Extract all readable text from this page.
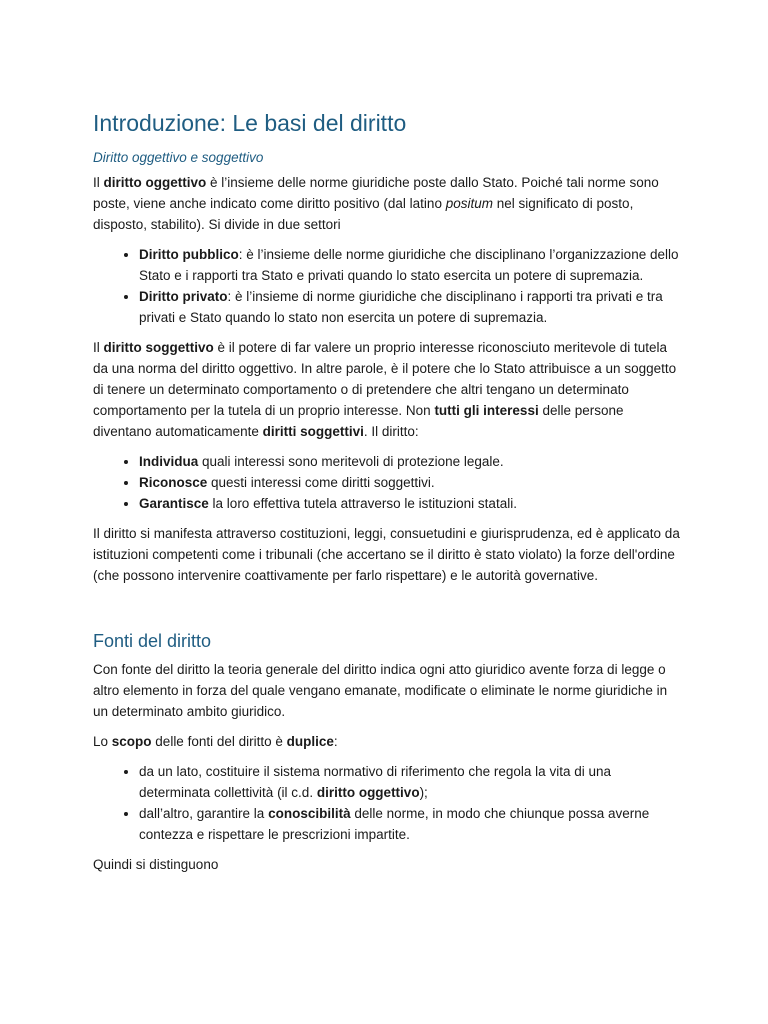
Introduzione: Le basi del diritto
Diritto oggettivo e soggettivo

Il diritto oggettivo è l’insieme delle norme giuridiche poste dallo Stato. Poiché tali norme sono poste, viene anche indicato come diritto positivo (dal latino positum nel significato di posto, disposto, stabilito). Si divide in due settori

• Diritto pubblico: è l’insieme delle norme giuridiche che disciplinano l’organizzazione dello Stato e i rapporti tra Stato e privati quando lo stato esercita un potere di supremazia.
• Diritto privato: è l’insieme di norme giuridiche che disciplinano i rapporti tra privati e tra privati e Stato quando lo stato non esercita un potere di supremazia.

Il diritto soggettivo è il potere di far valere un proprio interesse riconosciuto meritevole di tutela da una norma del diritto oggettivo. In altre parole, è il potere che lo Stato attribuisce a un soggetto di tenere un determinato comportamento o di pretendere che altri tengano un determinato comportamento per la tutela di un proprio interesse. Non tutti gli interessi delle persone diventano automaticamente diritti soggettivi. Il diritto:

• Individua quali interessi sono meritevoli di protezione legale.
• Riconosce questi interessi come diritti soggettivi.
• Garantisce la loro effettiva tutela attraverso le istituzioni statali.

Il diritto si manifesta attraverso costituzioni, leggi, consuetudini e giurisprudenza, ed è applicato da istituzioni competenti come i tribunali (che accertano se il diritto è stato violato) la forze dell'ordine (che possono intervenire coattivamente per farlo rispettare) e le autorità governative.

Fonti del diritto

Con fonte del diritto la teoria generale del diritto indica ogni atto giuridico avente forza di legge o altro elemento in forza del quale vengano emanate, modificate o eliminate le norme giuridiche in un determinato ambito giuridico.

Lo scopo delle fonti del diritto è duplice:

• da un lato, costituire il sistema normativo di riferimento che regola la vita di una determinata collettività (il c.d. diritto oggettivo);
• dall’altro, garantire la conoscibilità delle norme, in modo che chiunque possa averne contezza e rispettare le prescrizioni impartite.

Quindi si distinguono
